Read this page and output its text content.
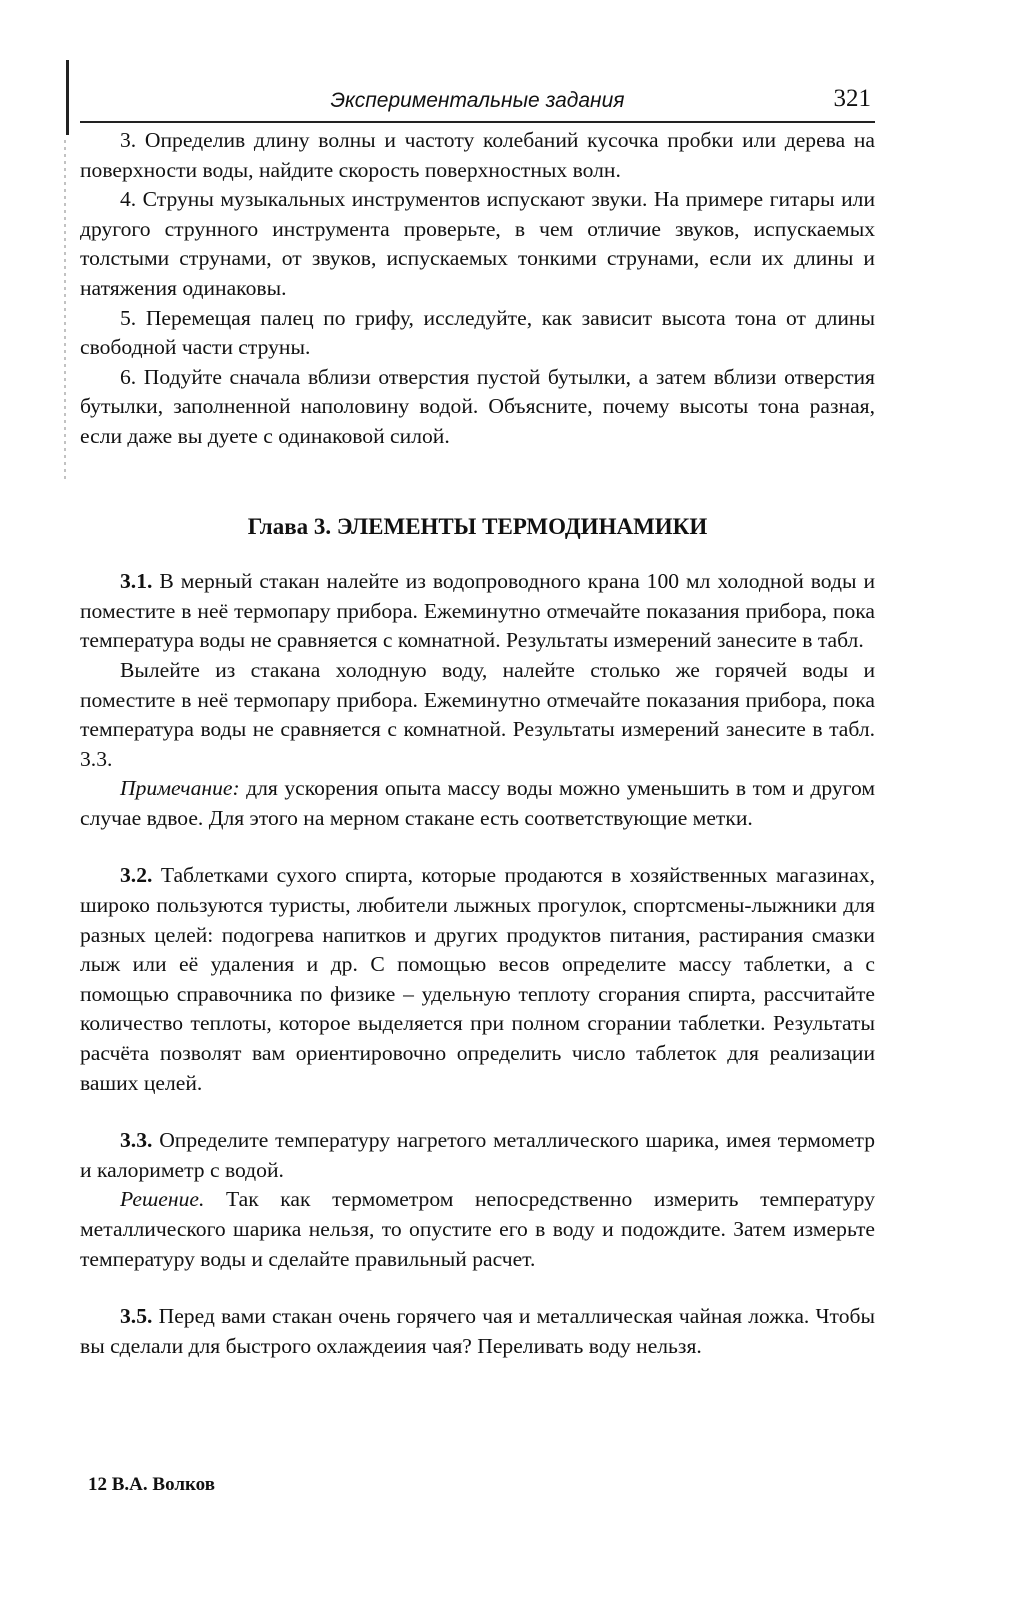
Экспериментальные задания	321

3. Определив длину волны и частоту колебаний кусочка пробки или дерева на поверхности воды, найдите скорость поверхностных волн.

4. Струны музыкальных инструментов испускают звуки. На примере гитары или другого струнного инструмента проверьте, в чем отличие звуков, испускаемых толстыми струнами, от звуков, испускаемых тонкими струнами, если их длины и натяжения одинаковы.

5. Перемещая палец по грифу, исследуйте, как зависит высота тона от длины свободной части струны.

6. Подуйте сначала вблизи отверстия пустой бутылки, а затем вблизи отверстия бутылки, заполненной наполовину водой. Объясните, почему высоты тона разная, если даже вы дуете с одинаковой силой.

Глава 3. ЭЛЕМЕНТЫ ТЕРМОДИНАМИКИ

3.1. В мерный стакан налейте из водопроводного крана 100 мл холодной воды и поместите в неё термопару прибора. Ежеминутно отмечайте показания прибора, пока температура воды не сравняется с комнатной. Результаты измерений занесите в табл.

Вылейте из стакана холодную воду, налейте столько же горячей воды и поместите в неё термопару прибора. Ежеминутно отмечайте показания прибора, пока температура воды не сравняется с комнатной. Результаты измерений занесите в табл. 3.3.

Примечание: для ускорения опыта массу воды можно уменьшить в том и другом случае вдвое. Для этого на мерном стакане есть соответствующие метки.

3.2. Таблетками сухого спирта, которые продаются в хозяйственных магазинах, широко пользуются туристы, любители лыжных прогулок, спортсмены-лыжники для разных целей: подогрева напитков и других продуктов питания, растирания смазки лыж или её удаления и др. С помощью весов определите массу таблетки, а с помощью справочника по физике – удельную теплоту сгорания спирта, рассчитайте количество теплоты, которое выделяется при полном сгорании таблетки. Результаты расчёта позволят вам ориентировочно определить число таблеток для реализации ваших целей.

3.3. Определите температуру нагретого металлического шарика, имея термометр и калориметр с водой.

Решение. Так как термометром непосредственно измерить температуру металлического шарика нельзя, то опустите его в воду и подождите. Затем измерьте температуру воды и сделайте правильный расчет.

3.5. Перед вами стакан очень горячего чая и металлическая чайная ложка. Чтобы вы сделали для быстрого охлаждеиия чая? Переливать воду нельзя.

12 В.А. Волков
